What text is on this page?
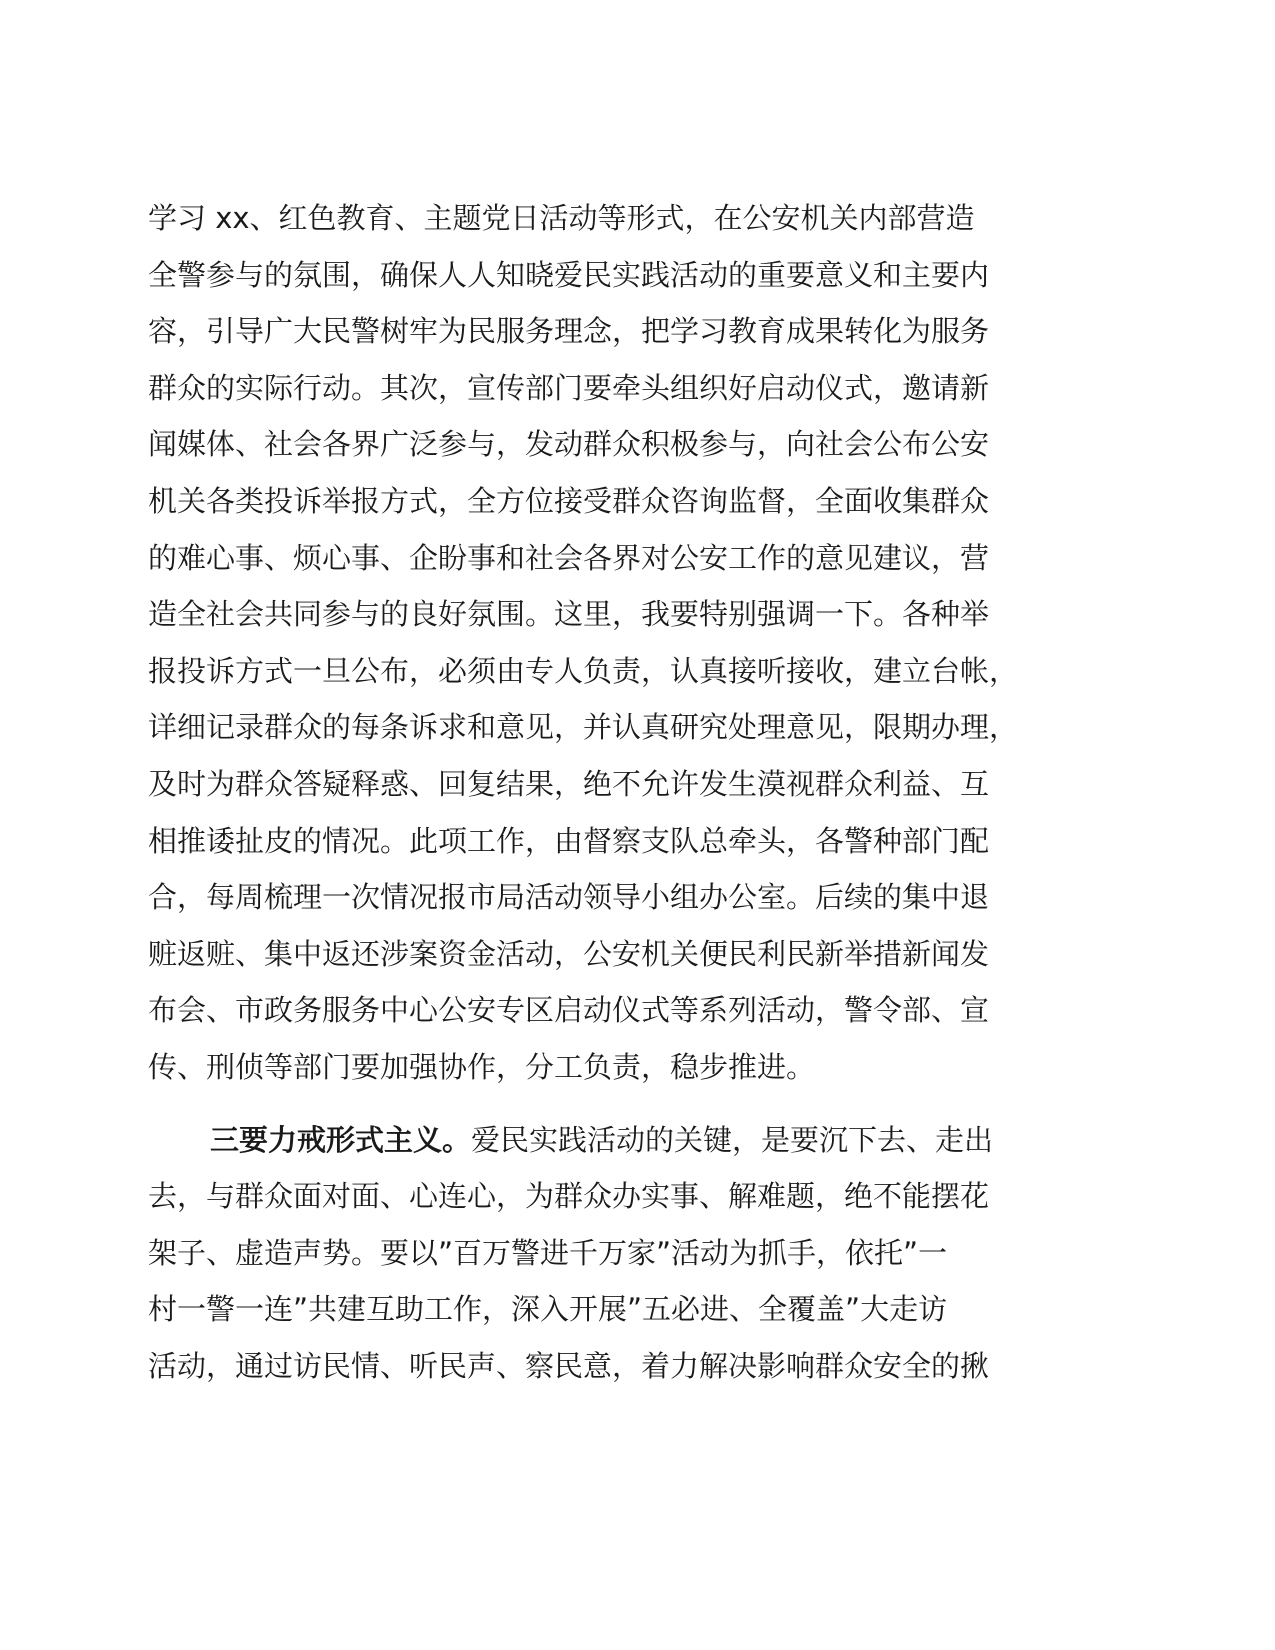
学习 xx、红色教育、主题党日活动等形式，在公安机关内部营造
全警参与的氛围，确保人人知晓爱民实践活动的重要意义和主要内
容，引导广大民警树牢为民服务理念，把学习教育成果转化为服务
群众的实际行动。其次，宣传部门要牵头组织好启动仪式，邀请新
闻媒体、社会各界广泛参与，发动群众积极参与，向社会公布公安
机关各类投诉举报方式，全方位接受群众咨询监督，全面收集群众
的难心事、烦心事、企盼事和社会各界对公安工作的意见建议，营
造全社会共同参与的良好氛围。这里，我要特别强调一下。各种举
报投诉方式一旦公布，必须由专人负责，认真接听接收，建立台帐，
详细记录群众的每条诉求和意见，并认真研究处理意见，限期办理，
及时为群众答疑释惑、回复结果，绝不允许发生漠视群众利益、互
相推诿扯皮的情况。此项工作，由督察支队总牵头，各警种部门配
合，每周梳理一次情况报市局活动领导小组办公室。后续的集中退
赃返赃、集中返还涉案资金活动，公安机关便民利民新举措新闻发
布会、市政务服务中心公安专区启动仪式等系列活动，警令部、宣
传、刑侦等部门要加强协作，分工负责，稳步推进。
三要力戒形式主义。爱民实践活动的关键，是要沉下去、走出
去，与群众面对面、心连心，为群众办实事、解难题，绝不能摆花
架子、虚造声势。要以”百万警进千万家”活动为抓手，依托”一
村一警一连”共建互助工作，深入开展”五必进、全覆盖”大走访
活动，通过访民情、听民声、察民意，着力解决影响群众安全的揪
